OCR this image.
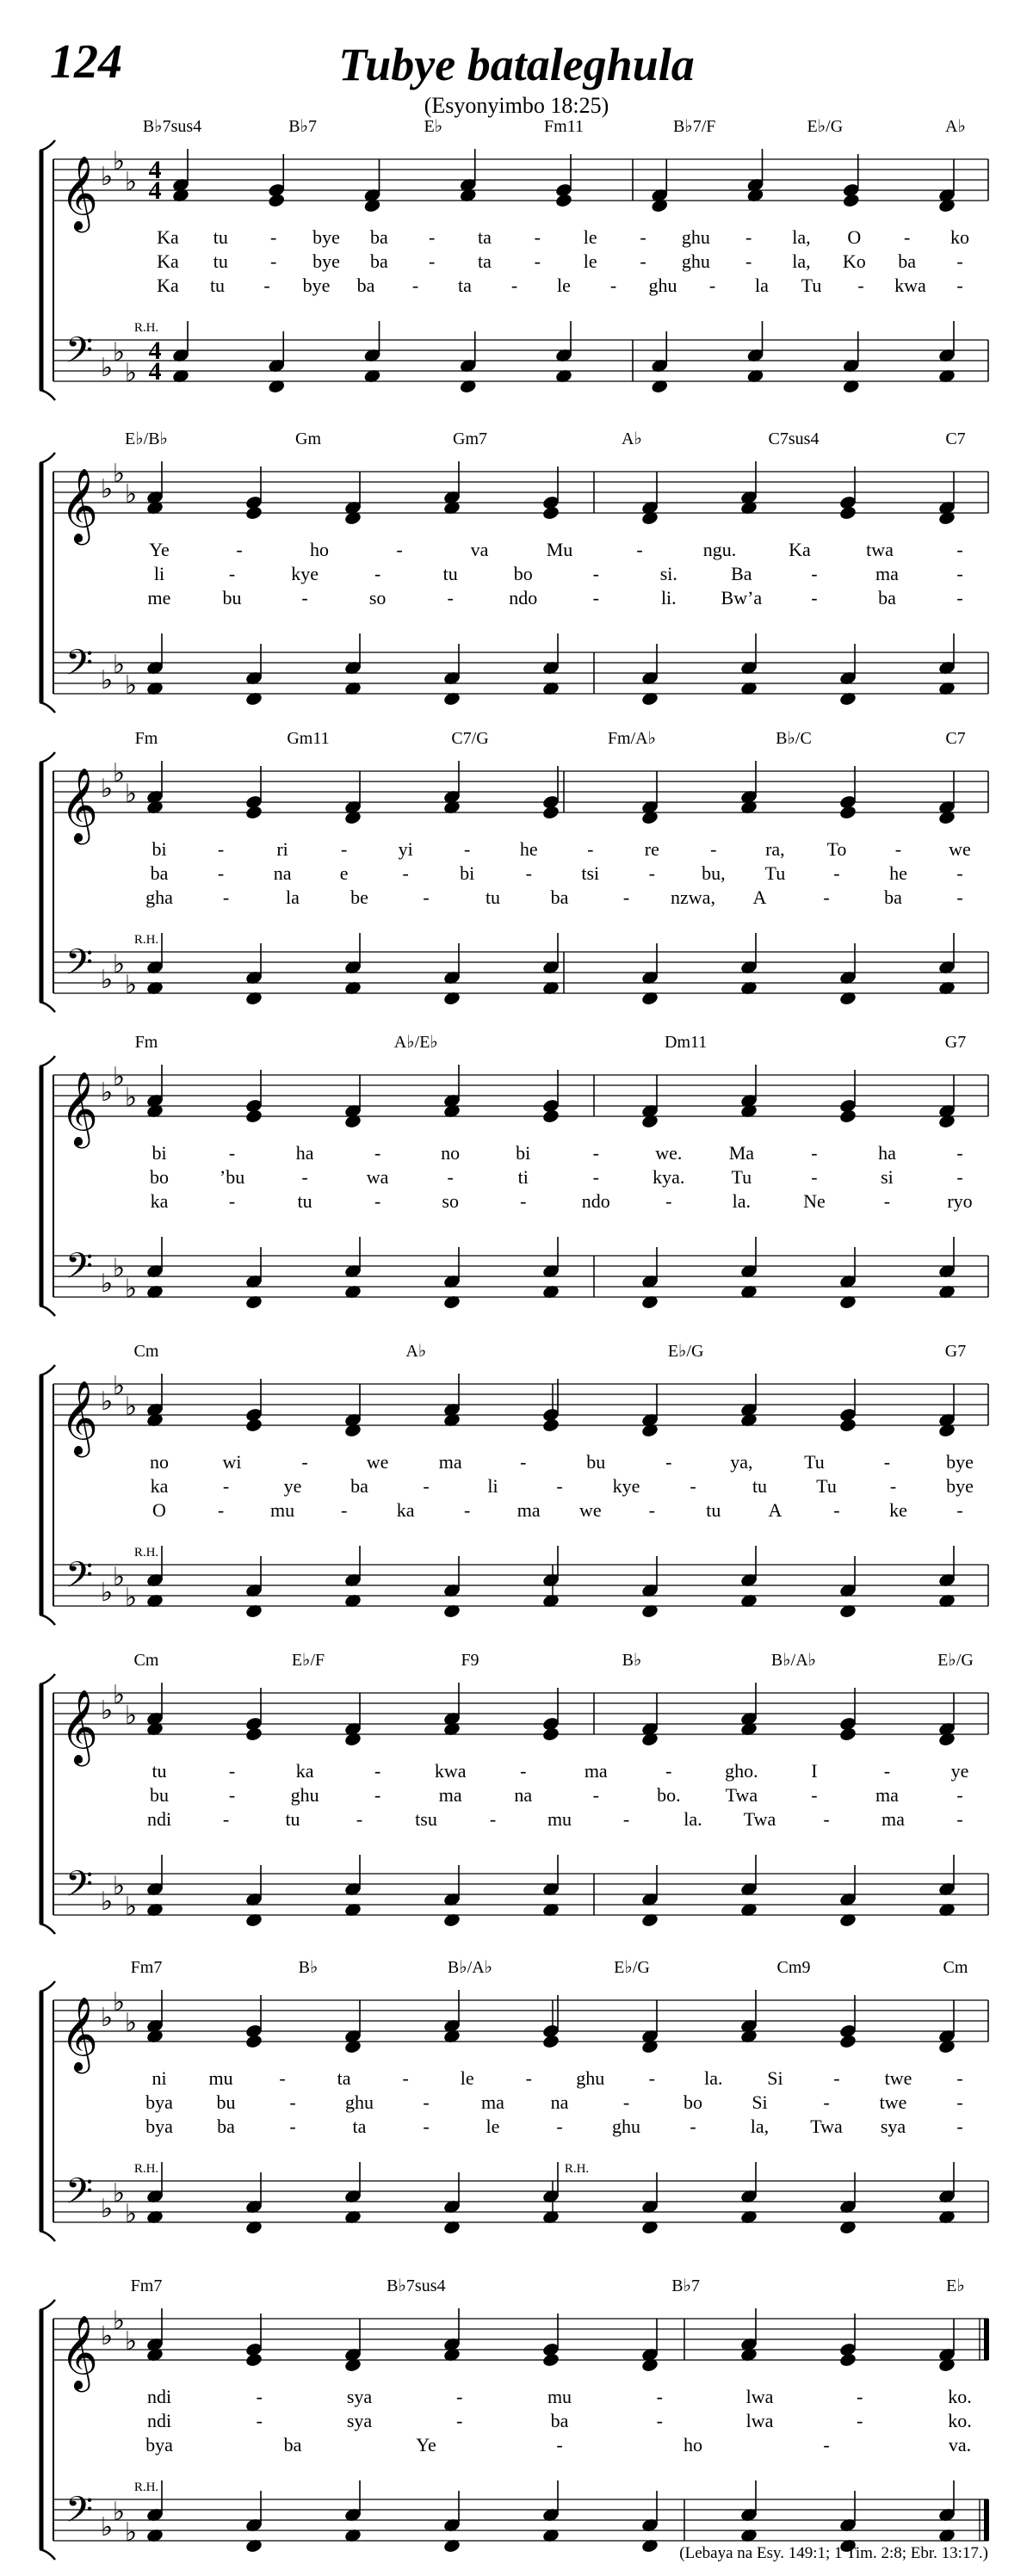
124	Tubye bataleghula
(Esyonyimbo 18:25)
𝄞
𝄢
♭
♭
♭
♭
♭
♭
4
4
4
4
B♭7sus4	B♭7	E♭	Fm11	B♭7/F	E♭/G	A♭
R.H.
Ka tu - bye ba - ta - le - ghu - la, O - ko
Ka tu - bye ba - ta - le - ghu - la, Ko ba -
Ka tu - bye ba - ta - le - ghu - la Tu - kwa -
𝄞
𝄢
♭
♭
♭
♭
♭
♭
E♭/B♭	Gm	Gm7	A♭	C7sus4	C7
Ye	-	ho	-	va	Mu	-	ngu.	Ka	twa	-
li	-	kye	-	tu	bo	-	si.	Ba	-	ma	-
me	bu	-	so	-	ndo	-	li. Bw’a	-	ba	-
𝄞
𝄢
♭
♭
♭
♭
♭
♭
Fm	Gm11	C7/G	Fm/A♭	B♭/C	C7
R.H.
bi	-	ri	-	yi	-	he	-	re	-	ra, To	-	we
ba	-	na	e	-	bi	-	tsi	- bu, Tu	-	he	-
gha	-	la	be	-	tu	ba	- nzwa, A	-	ba	-
𝄞
𝄢
♭
♭
♭
♭
♭
♭
Fm	A♭/E♭	Dm11	G7
bi	-	ha	-	no	bi	-	we. Ma	-	ha	-
bo	’bu	-	wa	-	ti	-	kya. Tu	-	si	-
ka	-	tu	-	so	-	ndo	-	la.	Ne	-	ryo
𝄞
𝄢
♭
♭
♭
♭
♭
♭
Cm	A♭	E♭/G	G7
R.H.
no	wi	-	we	ma	-	bu	-	ya,	Tu	-	bye
ka	-	ye	ba	-	li	-	kye	-	tu	Tu	-	bye
O	- mu -	ka	- ma we	-	tu	A	-	ke	-
𝄞
𝄢
♭
♭
♭
♭
♭
♭
Cm	E♭/F	F9	B♭	B♭/A♭	E♭/G
tu	-	ka	-	kwa	-	ma	-	gho.	I	-	ye
bu	-	ghu	-	ma	na	-	bo. Twa	-	ma	-
ndi	-	tu	-	tsu	-	mu	-	la. Twa	-	ma	-
𝄞
𝄢
♭
♭
♭
♭
♭
♭
Fm7	B♭	B♭/A♭	E♭/G	Cm9	Cm
R.H.	R.H.
ni mu -	ta	-	le	- ghu -	la. Si	- twe -
bya bu	-	ghu	-	ma na	-	bo	Si	-	twe	-
bya ba	-	ta	-	le	-	ghu	-	la, Twa sya	-
𝄞
𝄢
♭
♭
♭
♭
♭
♭
Fm7	B♭7sus4	B♭7	E♭
R.H.
ndi	-	sya	-	mu	-	lwa	-	ko.
ndi	-	sya	-	ba	-	lwa	-	ko.
bya	ba	Ye	-	ho	-	va.
(Lebaya na Esy. 149:1; 1 Tim. 2:8; Ebr. 13:17.)
